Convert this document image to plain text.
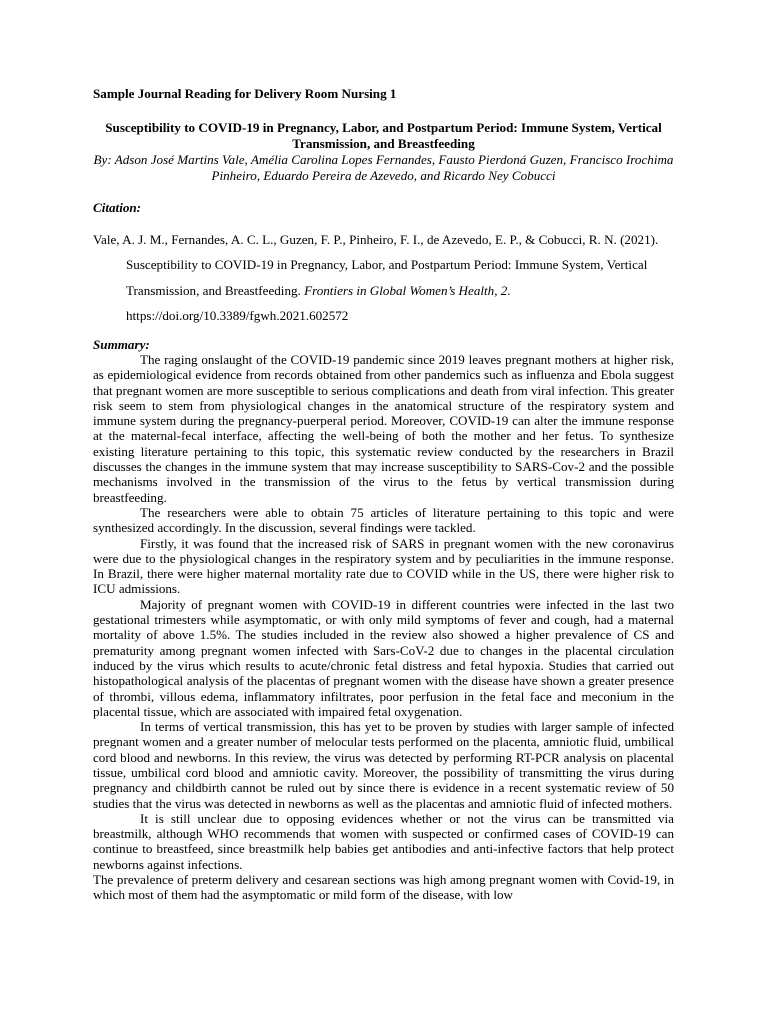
Sample Journal Reading for Delivery Room Nursing 1

Susceptibility to COVID-19 in Pregnancy, Labor, and Postpartum Period: Immune System, Vertical Transmission, and Breastfeeding
By: Adson José Martins Vale, Amélia Carolina Lopes Fernandes, Fausto Pierdoná Guzen, Francisco Irochima Pinheiro, Eduardo Pereira de Azevedo, and Ricardo Ney Cobucci
Citation:
Vale, A. J. M., Fernandes, A. C. L., Guzen, F. P., Pinheiro, F. I., de Azevedo, E. P., & Cobucci, R. N. (2021). Susceptibility to COVID-19 in Pregnancy, Labor, and Postpartum Period: Immune System, Vertical Transmission, and Breastfeeding. Frontiers in Global Women’s Health, 2.
https://doi.org/10.3389/fgwh.2021.602572
Summary:

The raging onslaught of the COVID-19 pandemic since 2019 leaves pregnant mothers at higher risk, as epidemiological evidence from records obtained from other pandemics such as influenza and Ebola suggest that pregnant women are more susceptible to serious complications and death from viral infection. This greater risk seem to stem from physiological changes in the anatomical structure of the respiratory system and immune system during the pregnancy-puerperal period. Moreover, COVID-19 can alter the immune response at the maternal-fecal interface, affecting the well-being of both the mother and her fetus. To synthesize existing literature pertaining to this topic, this systematic review conducted by the researchers in Brazil discusses the changes in the immune system that may increase susceptibility to SARS-Cov-2 and the possible mechanisms involved in the transmission of the virus to the fetus by vertical transmission during breastfeeding.

The researchers were able to obtain 75 articles of literature pertaining to this topic and were synthesized accordingly. In the discussion, several findings were tackled.

Firstly, it was found that the increased risk of SARS in pregnant women with the new coronavirus were due to the physiological changes in the respiratory system and by peculiarities in the immune response. In Brazil, there were higher maternal mortality rate due to COVID while in the US, there were higher risk to ICU admissions.

Majority of pregnant women with COVID-19 in different countries were infected in the last two gestational trimesters while asymptomatic, or with only mild symptoms of fever and cough, had a maternal mortality of above 1.5%. The studies included in the review also showed a higher prevalence of CS and prematurity among pregnant women infected with Sars-CoV-2 due to changes in the placental circulation induced by the virus which results to acute/chronic fetal distress and fetal hypoxia. Studies that carried out histopathological analysis of the placentas of pregnant women with the disease have shown a greater presence of thrombi, villous edema, inflammatory infiltrates, poor perfusion in the fetal face and meconium in the placental tissue, which are associated with impaired fetal oxygenation.

In terms of vertical transmission, this has yet to be proven by studies with larger sample of infected pregnant women and a greater number of melocular tests performed on the placenta, amniotic fluid, umbilical cord blood and newborns. In this review, the virus was detected by performing RT-PCR analysis on placental tissue, umbilical cord blood and amniotic cavity. Moreover, the possibility of transmitting the virus during pregnancy and childbirth cannot be ruled out by since there is evidence in a recent systematic review of 50 studies that the virus was detected in newborns as well as the placentas and amniotic fluid of infected mothers.

It is still unclear due to opposing evidences whether or not the virus can be transmitted via breastmilk, although WHO recommends that women with suspected or confirmed cases of COVID-19 can continue to breastfeed, since breastmilk help babies get antibodies and anti-infective factors that help protect newborns against infections.

The prevalence of preterm delivery and cesarean sections was high among pregnant women with Covid-19, in which most of them had the asymptomatic or mild form of the disease, with low
